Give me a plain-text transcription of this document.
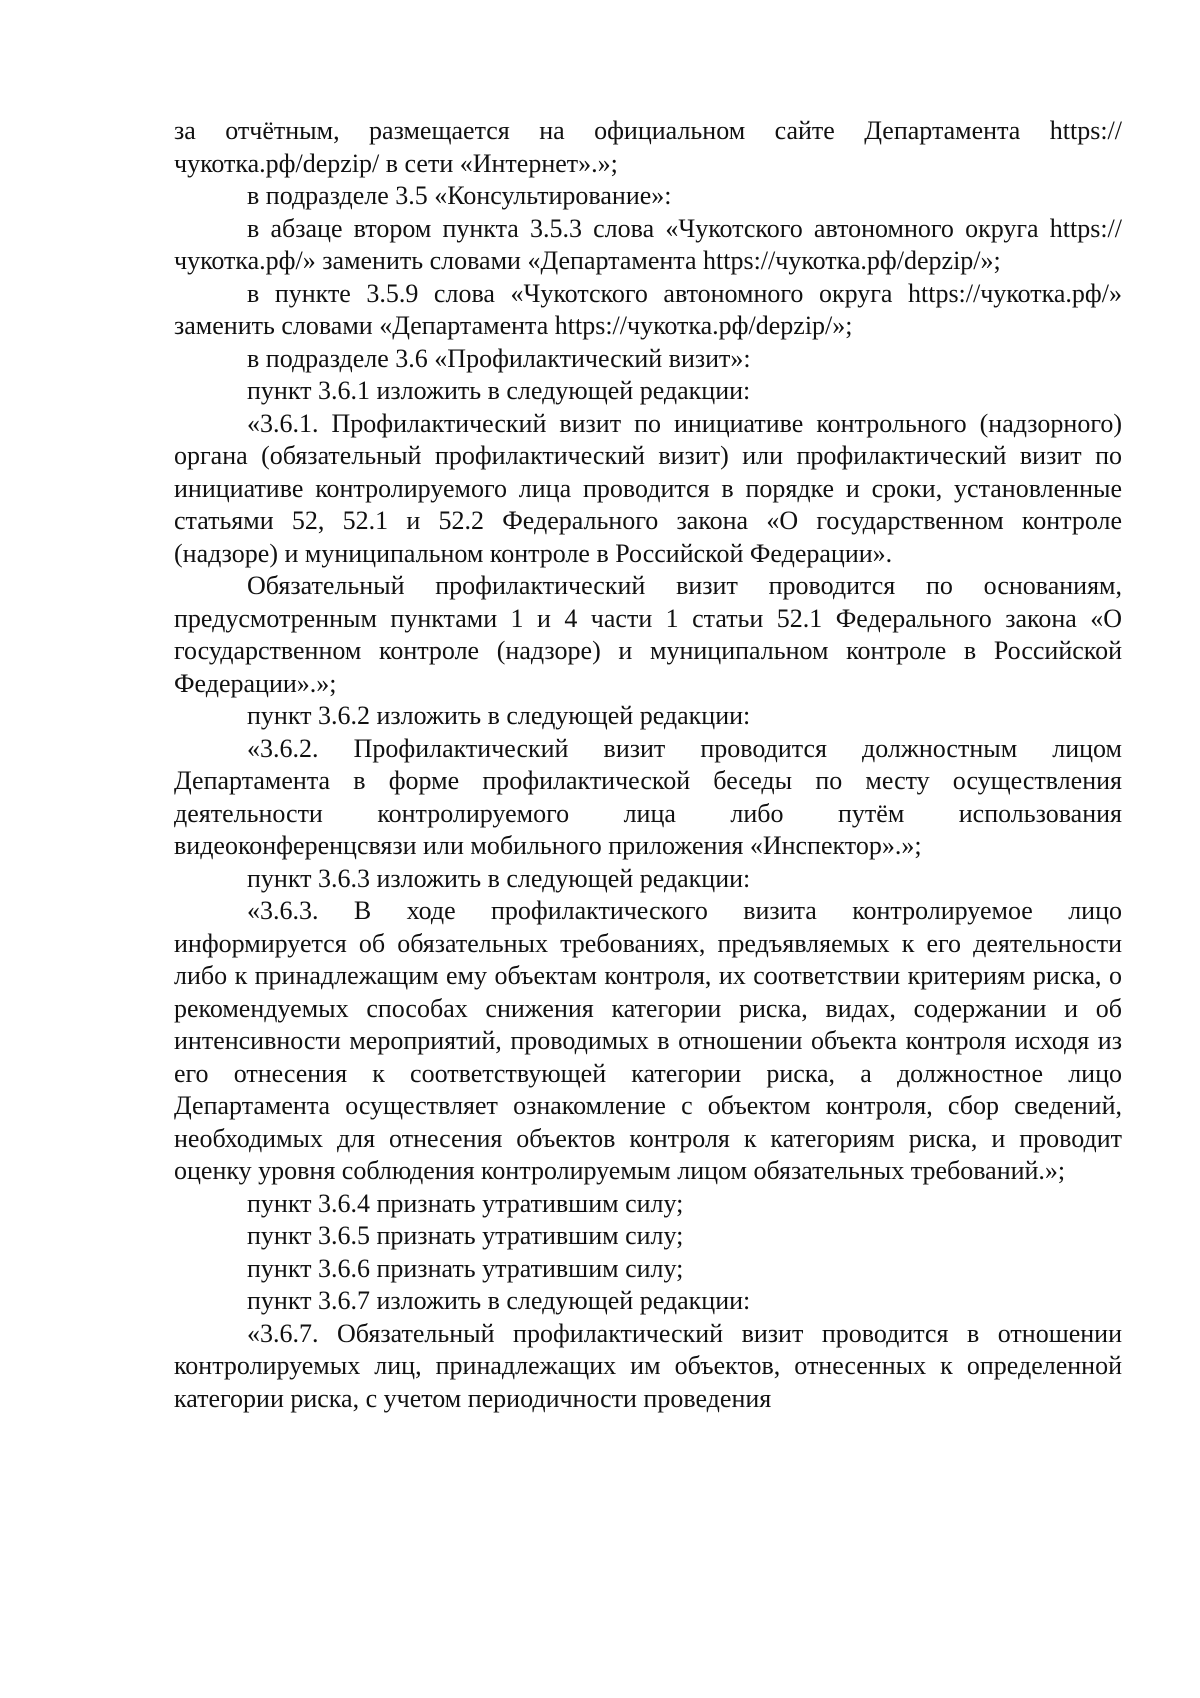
за отчётным, размещается на официальном сайте Департамента https://чукотка.рф/depzip/ в сети «Интернет».»;

в подразделе 3.5 «Консультирование»:

в абзаце втором пункта 3.5.3 слова «Чукотского автономного округа https://чукотка.рф/» заменить словами «Департамента https://чукотка.рф/depzip/»;

в пункте 3.5.9 слова «Чукотского автономного округа https://чукотка.рф/» заменить словами «Департамента https://чукотка.рф/depzip/»;

в подразделе 3.6 «Профилактический визит»:

пункт 3.6.1 изложить в следующей редакции:

«3.6.1. Профилактический визит по инициативе контрольного (надзорного) органа (обязательный профилактический визит) или профилактический визит по инициативе контролируемого лица проводится в порядке и сроки, установленные статьями 52, 52.1 и 52.2 Федерального закона «О государственном контроле (надзоре) и муниципальном контроле в Российской Федерации».

Обязательный профилактический визит проводится по основаниям, предусмотренным пунктами 1 и 4 части 1 статьи 52.1 Федерального закона «О государственном контроле (надзоре) и муниципальном контроле в Российской Федерации».»;

пункт 3.6.2 изложить в следующей редакции:

«3.6.2. Профилактический визит проводится должностным лицом Департамента в форме профилактической беседы по месту осуществления деятельности контролируемого лица либо путём использования видеоконференцсвязи или мобильного приложения «Инспектор».»;

пункт 3.6.3 изложить в следующей редакции:

«3.6.3. В ходе профилактического визита контролируемое лицо информируется об обязательных требованиях, предъявляемых к его деятельности либо к принадлежащим ему объектам контроля, их соответствии критериям риска, о рекомендуемых способах снижения категории риска, видах, содержании и об интенсивности мероприятий, проводимых в отношении объекта контроля исходя из его отнесения к соответствующей категории риска, а должностное лицо Департамента осуществляет ознакомление с объектом контроля, сбор сведений, необходимых для отнесения объектов контроля к категориям риска, и проводит оценку уровня соблюдения контролируемым лицом обязательных требований.»;

пункт 3.6.4 признать утратившим силу;

пункт 3.6.5 признать утратившим силу;

пункт 3.6.6 признать утратившим силу;

пункт 3.6.7 изложить в следующей редакции:

«3.6.7. Обязательный профилактический визит проводится в отношении контролируемых лиц, принадлежащих им объектов, отнесенных к определенной категории риска, с учетом периодичности проведения
